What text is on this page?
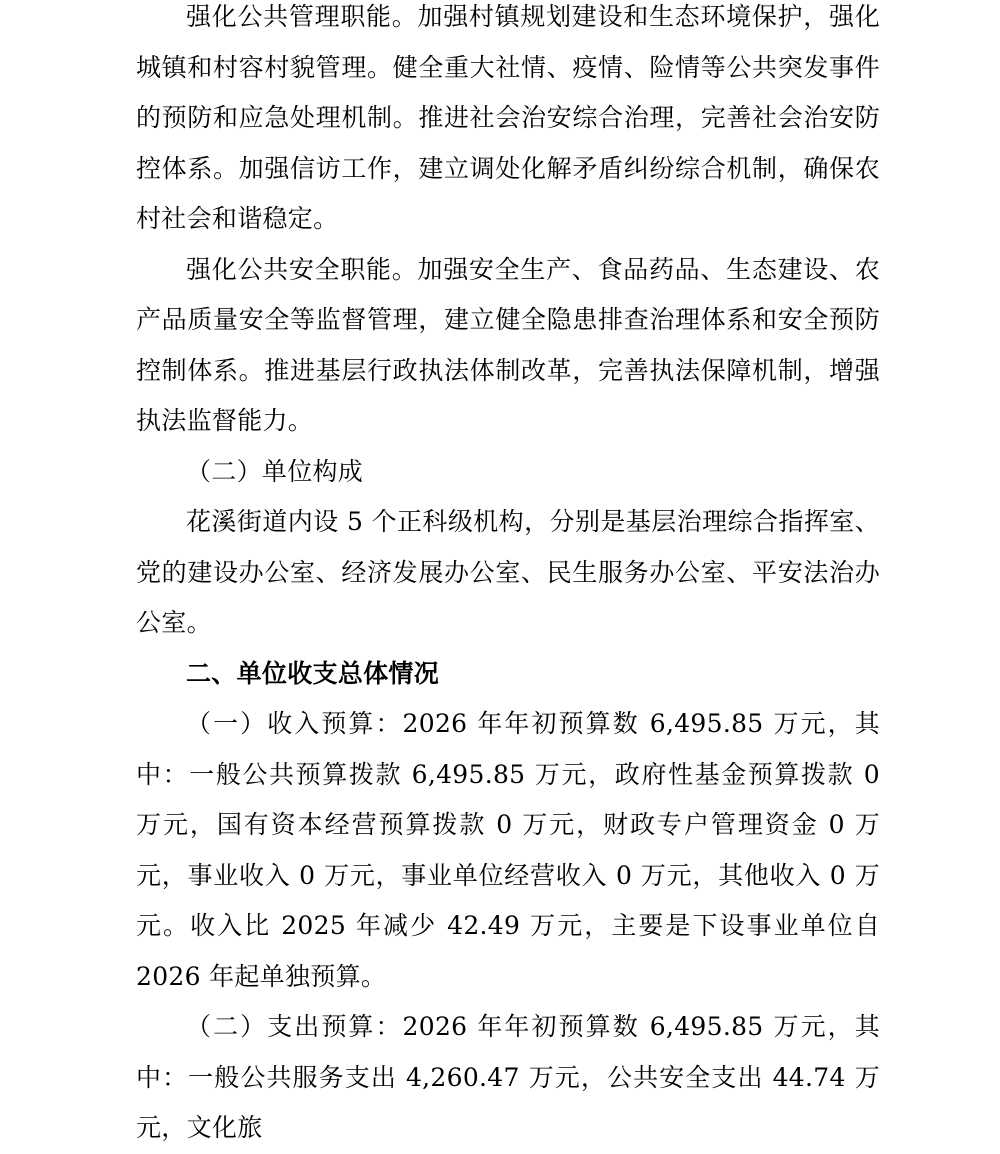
强化公共管理职能。加强村镇规划建设和生态环境保护，强化城镇和村容村貌管理。健全重大社情、疫情、险情等公共突发事件的预防和应急处理机制。推进社会治安综合治理，完善社会治安防控体系。加强信访工作，建立调处化解矛盾纠纷综合机制，确保农村社会和谐稳定。

强化公共安全职能。加强安全生产、食品药品、生态建设、农产品质量安全等监督管理，建立健全隐患排查治理体系和安全预防控制体系。推进基层行政执法体制改革，完善执法保障机制，增强执法监督能力。

（二）单位构成

花溪街道内设 5 个正科级机构，分别是基层治理综合指挥室、党的建设办公室、经济发展办公室、民生服务办公室、平安法治办公室。

二、单位收支总体情况

（一）收入预算：2026 年年初预算数 6,495.85 万元，其中：一般公共预算拨款 6,495.85 万元，政府性基金预算拨款 0 万元，国有资本经营预算拨款 0 万元，财政专户管理资金 0 万元，事业收入 0 万元，事业单位经营收入 0 万元，其他收入 0 万元。收入比 2025 年减少 42.49 万元，主要是下设事业单位自 2026 年起单独预算。

（二）支出预算：2026 年年初预算数 6,495.85 万元，其中：一般公共服务支出 4,260.47 万元，公共安全支出 44.74 万元，文化旅
